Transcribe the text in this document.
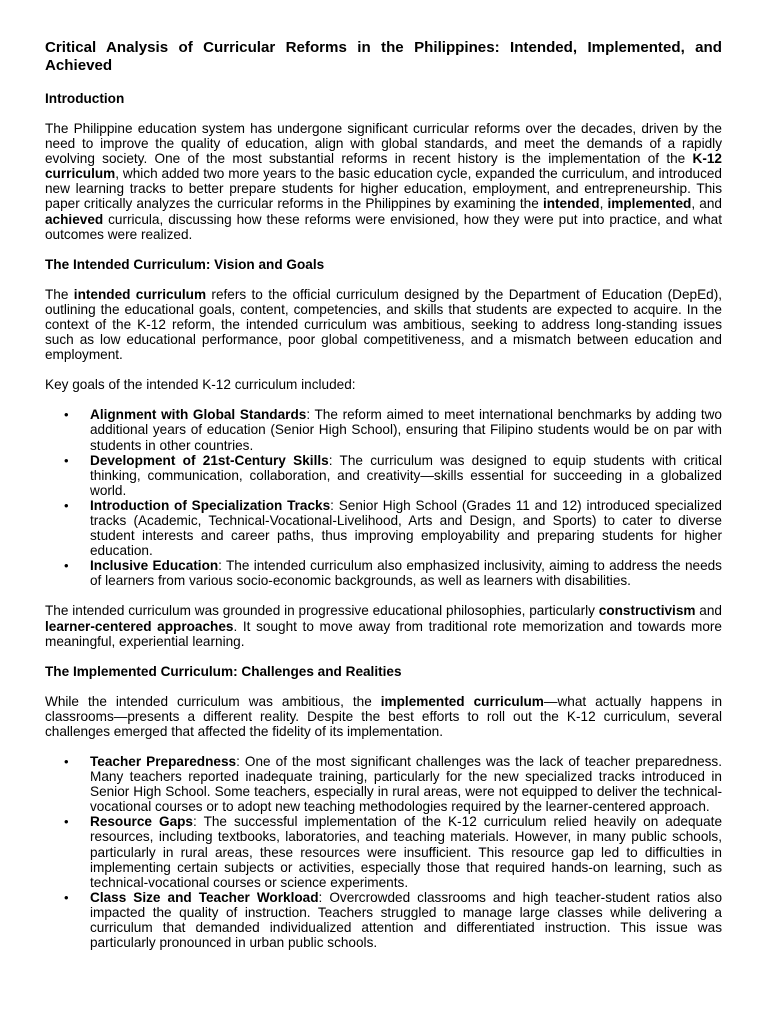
Critical Analysis of Curricular Reforms in the Philippines: Intended, Implemented, and Achieved
Introduction

The Philippine education system has undergone significant curricular reforms over the decades, driven by the need to improve the quality of education, align with global standards, and meet the demands of a rapidly evolving society. One of the most substantial reforms in recent history is the implementation of the K-12 curriculum, which added two more years to the basic education cycle, expanded the curriculum, and introduced new learning tracks to better prepare students for higher education, employment, and entrepreneurship. This paper critically analyzes the curricular reforms in the Philippines by examining the intended, implemented, and achieved curricula, discussing how these reforms were envisioned, how they were put into practice, and what outcomes were realized.

The Intended Curriculum: Vision and Goals

The intended curriculum refers to the official curriculum designed by the Department of Education (DepEd), outlining the educational goals, content, competencies, and skills that students are expected to acquire. In the context of the K-12 reform, the intended curriculum was ambitious, seeking to address long-standing issues such as low educational performance, poor global competitiveness, and a mismatch between education and employment.

Key goals of the intended K-12 curriculum included:

• Alignment with Global Standards: The reform aimed to meet international benchmarks by adding two additional years of education (Senior High School), ensuring that Filipino students would be on par with students in other countries.
• Development of 21st-Century Skills: The curriculum was designed to equip students with critical thinking, communication, collaboration, and creativity—skills essential for succeeding in a globalized world.
• Introduction of Specialization Tracks: Senior High School (Grades 11 and 12) introduced specialized tracks (Academic, Technical-Vocational-Livelihood, Arts and Design, and Sports) to cater to diverse student interests and career paths, thus improving employability and preparing students for higher education.
• Inclusive Education: The intended curriculum also emphasized inclusivity, aiming to address the needs of learners from various socio-economic backgrounds, as well as learners with disabilities.

The intended curriculum was grounded in progressive educational philosophies, particularly constructivism and learner-centered approaches. It sought to move away from traditional rote memorization and towards more meaningful, experiential learning.

The Implemented Curriculum: Challenges and Realities

While the intended curriculum was ambitious, the implemented curriculum—what actually happens in classrooms—presents a different reality. Despite the best efforts to roll out the K-12 curriculum, several challenges emerged that affected the fidelity of its implementation.

• Teacher Preparedness: One of the most significant challenges was the lack of teacher preparedness. Many teachers reported inadequate training, particularly for the new specialized tracks introduced in Senior High School. Some teachers, especially in rural areas, were not equipped to deliver the technical-vocational courses or to adopt new teaching methodologies required by the learner-centered approach.
• Resource Gaps: The successful implementation of the K-12 curriculum relied heavily on adequate resources, including textbooks, laboratories, and teaching materials. However, in many public schools, particularly in rural areas, these resources were insufficient. This resource gap led to difficulties in implementing certain subjects or activities, especially those that required hands-on learning, such as technical-vocational courses or science experiments.
• Class Size and Teacher Workload: Overcrowded classrooms and high teacher-student ratios also impacted the quality of instruction. Teachers struggled to manage large classes while delivering a curriculum that demanded individualized attention and differentiated instruction. This issue was particularly pronounced in urban public schools.
